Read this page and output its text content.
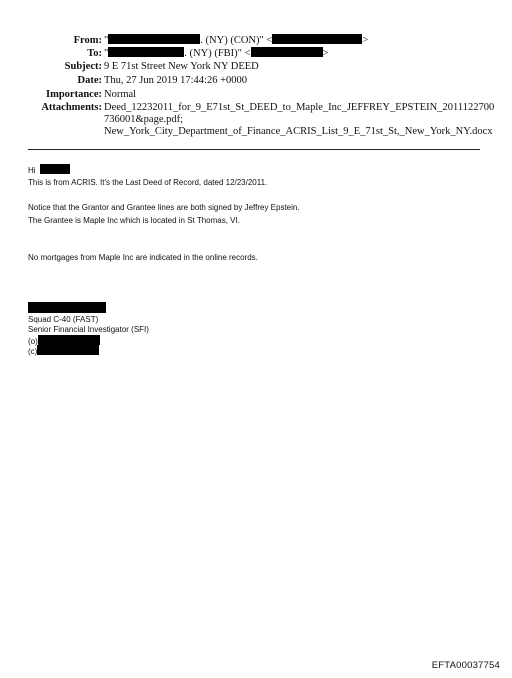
From: "	. (NY) (CON)" <	>
To: "	. (NY) (FBI)" <	>
Subject: 9 E 71st Street New York NY DEED
Date: Thu, 27 Jun 2019 17:44:26 +0000
Importance: Normal
Attachments: Deed_12232011_for_9_E71st_St_DEED_to_Maple_Inc_JEFFREY_EPSTEIN_2011122700
736001&page.pdf;
New_York_City_Department_of_Finance_ACRIS_List_9_E_71st_St,_New_York_NY.docx
Hi
This is from ACRIS. It's the Last Deed of Record, dated 12/23/2011.
Notice that the Grantor and Grantee lines are both signed by Jeffrey Epstein.
The Grantee is Maple Inc which is located in St Thomas, VI.
No mortgages from Maple Inc are indicated in the online records.
Squad C-40 (FAST)
Senior Financial Investigator (SFI)
(o)
(c)
EFTA00037754
